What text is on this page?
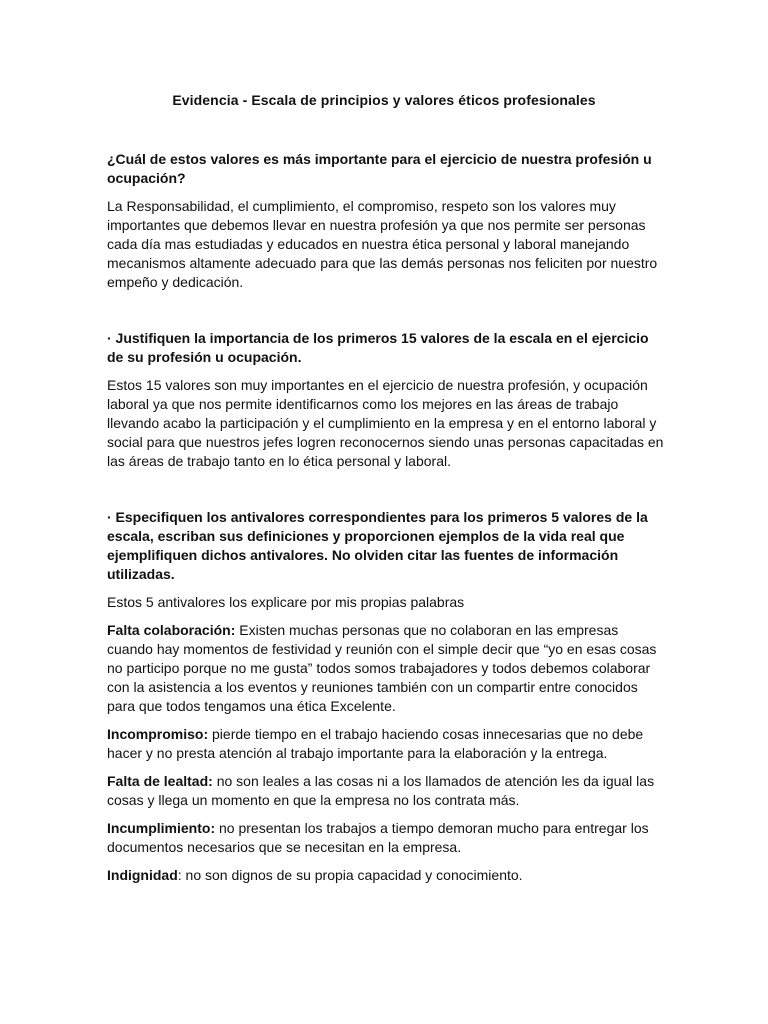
Evidencia - Escala de principios y valores éticos profesionales

¿Cuál de estos valores es más importante para el ejercicio de nuestra profesión u ocupación?

La Responsabilidad, el cumplimiento, el compromiso, respeto son los valores muy importantes que debemos llevar en nuestra profesión ya que nos permite ser personas cada día mas estudiadas y educados en nuestra ética personal y laboral manejando mecanismos altamente adecuado para que las demás personas nos feliciten por nuestro empeño y dedicación.

· Justifiquen la importancia de los primeros 15 valores de la escala en el ejercicio de su profesión u ocupación.

Estos 15 valores son muy importantes en el ejercicio de nuestra profesión, y ocupación laboral ya que nos permite identificarnos como los mejores en las áreas de trabajo llevando acabo la participación y el cumplimiento en la empresa y en el entorno laboral y social para que nuestros jefes logren reconocernos siendo unas personas capacitadas en las áreas de trabajo tanto en lo ética personal y laboral.

· Especifiquen los antivalores correspondientes para los primeros 5 valores de la escala, escriban sus definiciones y proporcionen ejemplos de la vida real que ejemplifiquen dichos antivalores. No olviden citar las fuentes de información utilizadas.

Estos 5 antivalores los explicare por mis propias palabras

Falta colaboración: Existen muchas personas que no colaboran en las empresas cuando hay momentos de festividad y reunión con el simple decir que “yo en esas cosas no participo porque no me gusta” todos somos trabajadores y todos debemos colaborar con la asistencia a los eventos y reuniones también con un compartir entre conocidos para que todos tengamos una ética Excelente.

Incompromiso: pierde tiempo en el trabajo haciendo cosas innecesarias que no debe hacer y no presta atención al trabajo importante para la elaboración y la entrega.

Falta de lealtad: no son leales a las cosas ni a los llamados de atención les da igual las cosas y llega un momento en que la empresa no los contrata más.

Incumplimiento: no presentan los trabajos a tiempo demoran mucho para entregar los documentos necesarios que se necesitan en la empresa.

Indignidad: no son dignos de su propia capacidad y conocimiento.
